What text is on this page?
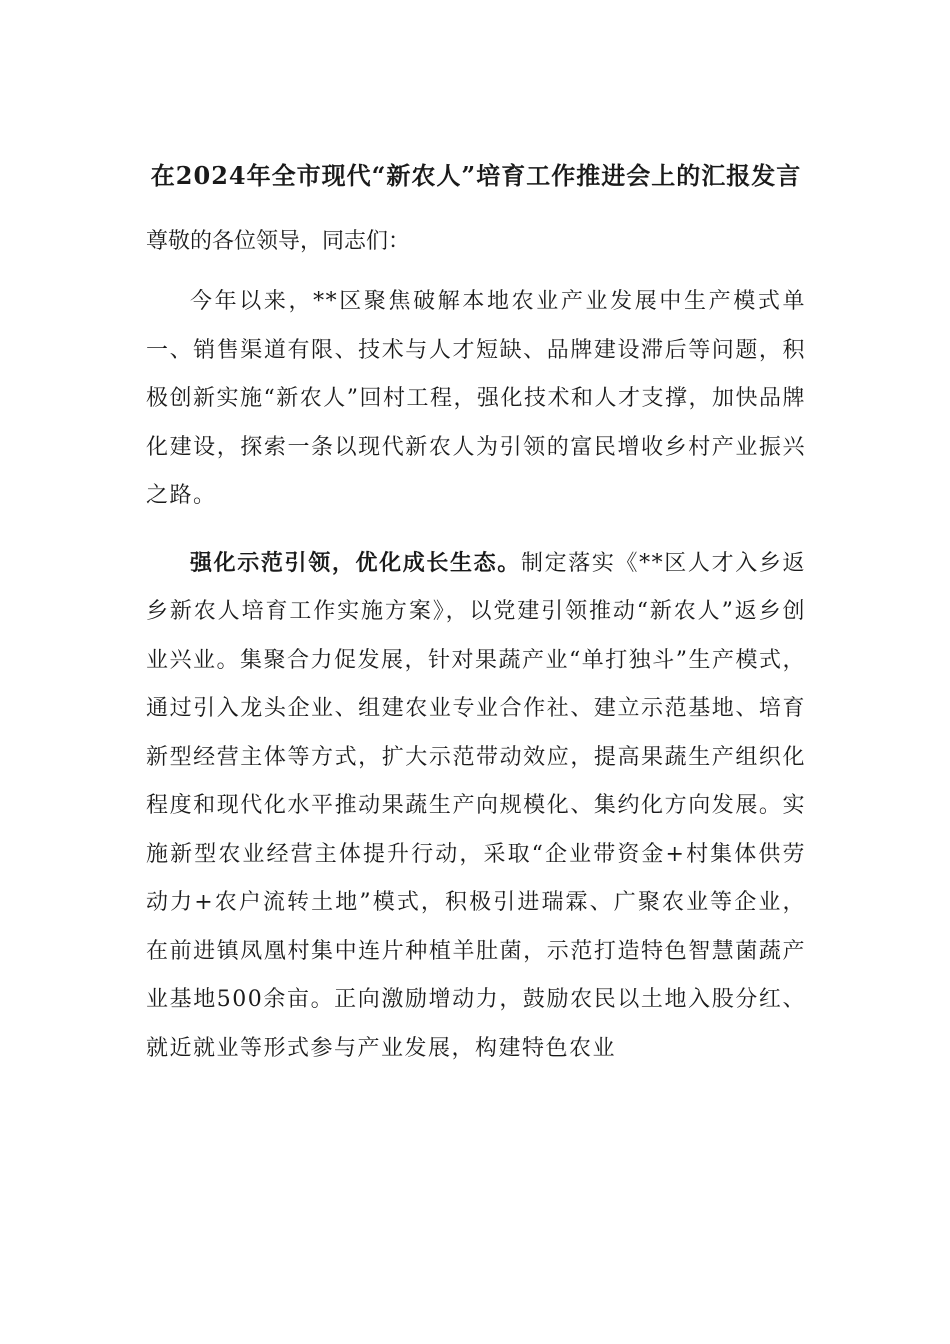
在2024年全市现代“新农人”培育工作推进会上的汇报发言

尊敬的各位领导，同志们：

今年以来，**区聚焦破解本地农业产业发展中生产模式单一、销售渠道有限、技术与人才短缺、品牌建设滞后等问题，积极创新实施“新农人”回村工程，强化技术和人才支撑，加快品牌化建设，探索一条以现代新农人为引领的富民增收乡村产业振兴之路。

强化示范引领，优化成长生态。制定落实《**区人才入乡返乡新农人培育工作实施方案》，以党建引领推动“新农人”返乡创业兴业。集聚合力促发展，针对果蔬产业“单打独斗”生产模式，通过引入龙头企业、组建农业专业合作社、建立示范基地、培育新型经营主体等方式，扩大示范带动效应，提高果蔬生产组织化程度和现代化水平推动果蔬生产向规模化、集约化方向发展。实施新型农业经营主体提升行动，采取“企业带资金+村集体供劳动力+农户流转土地”模式，积极引进瑞霖、广聚农业等企业，在前进镇凤凰村集中连片种植羊肚菌，示范打造特色智慧菌蔬产业基地500余亩。正向激励增动力，鼓励农民以土地入股分红、就近就业等形式参与产业发展，构建特色农业
